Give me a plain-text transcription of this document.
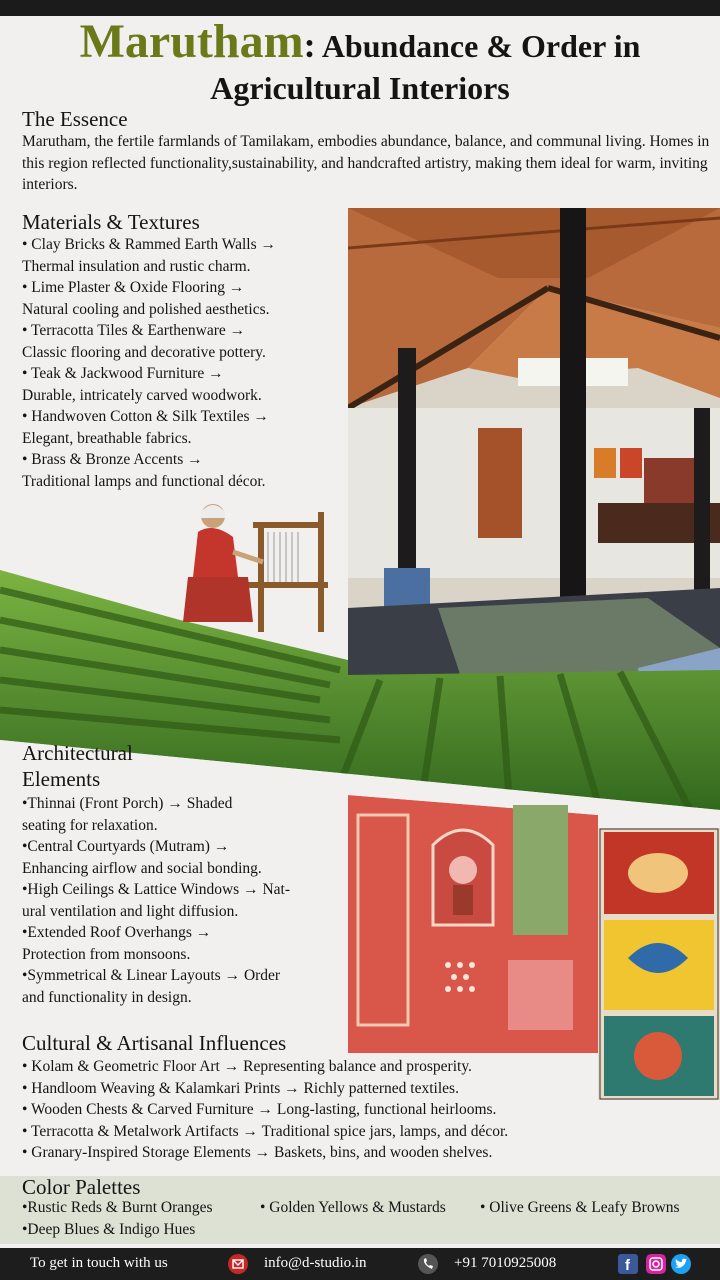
Marutham: Abundance & Order in
Agricultural Interiors
The Essence

Marutham, the fertile farmlands of Tamilakam, embodies abundance, balance, and communal living. Homes in this region reflected functionality,sustainability, and handcrafted artistry, making them ideal for warm, inviting interiors.

Materials & Textures
• Clay Bricks & Rammed Earth Walls →
Thermal insulation and rustic charm.
• Lime Plaster & Oxide Flooring →
Natural cooling and polished aesthetics.
• Terracotta Tiles & Earthenware →
Classic flooring and decorative pottery.
• Teak & Jackwood Furniture →
Durable, intricately carved woodwork.
• Handwoven Cotton & Silk Textiles →
Elegant, breathable fabrics.
• Brass & Bronze Accents →
Traditional lamps and functional décor.
Architectural
Elements
•Thinnai (Front Porch) → Shaded
seating for relaxation.
•Central Courtyards (Mutram) →
Enhancing airflow and social bonding.
•High Ceilings & Lattice Windows → Nat-
ural ventilation and light diffusion.
•Extended Roof Overhangs →
Protection from monsoons.
•Symmetrical & Linear Layouts → Order
and functionality in design.
Cultural & Artisanal Influences
• Kolam & Geometric Floor Art → Representing balance and prosperity.
• Handloom Weaving & Kalamkari Prints → Richly patterned textiles.
• Wooden Chests & Carved Furniture → Long-lasting, functional heirlooms.
• Terracotta & Metalwork Artifacts → Traditional spice jars, lamps, and décor.
• Granary-Inspired Storage Elements → Baskets, bins, and wooden shelves.
Color Palettes
•Rustic Reds & Burnt Oranges	• Golden Yellows & Mustards • Olive Greens & Leafy Browns
•Deep Blues & Indigo Hues
To get in touch with us	info@d-studio.in	+91 7010925008	f
